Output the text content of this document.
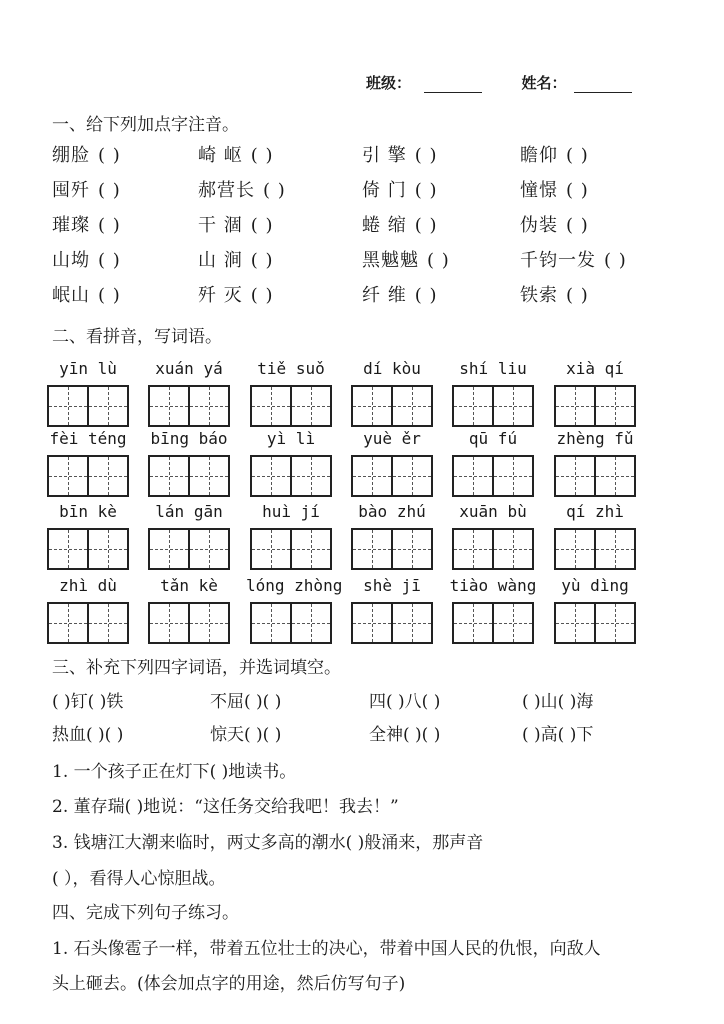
班级：	姓名：
一、给下列加点字注音。
绷脸 ( )	崎 岖 ( )	引 擎 ( )	瞻仰 ( )
囤歼 ( )	郝营长 ( )	倚 门 ( )	憧憬 ( )
璀璨 ( )	干 涸 ( )	蜷 缩 ( )	伪装 ( )
山坳 ( )	山 涧 ( )	黑魆魆 ( )	千钧一发 ( )
岷山 ( )	歼 灭 ( )	纤 维 ( )	铁索 ( )
二、看拼音，写词语。
yīn lù	xuán yá	tiě suǒ	dí kòu	shí liu	xià qí
fèi téng	bīng báo	yì lì	yuè ěr	qū fú	zhèng fǔ
bīn kè	lán gān	huì jí	bào zhú	xuān bù	qí zhì
zhì dù	tǎn kè	lóng zhòng	shè jī	tiào wàng	yù dìng
三、补充下列四字词语，并选词填空。
( )钉( )铁	不屈( )( )	四( )八( )	( )山( )海
热血( )( )	惊天( )( )	全神( )( )	( )高( )下
1. 一个孩子正在灯下( )地读书。
2. 董存瑞( )地说：“这任务交给我吧！我去！”
3. 钱塘江大潮来临时，两丈多高的潮水( )般涌来，那声音
( ），看得人心惊胆战。
四、完成下列句子练习。
1. 石头像雹子一样，带着五位壮士的决心，带着中国人民的仇恨，向敌人
头上砸去。(体会加点字的用途，然后仿写句子)
